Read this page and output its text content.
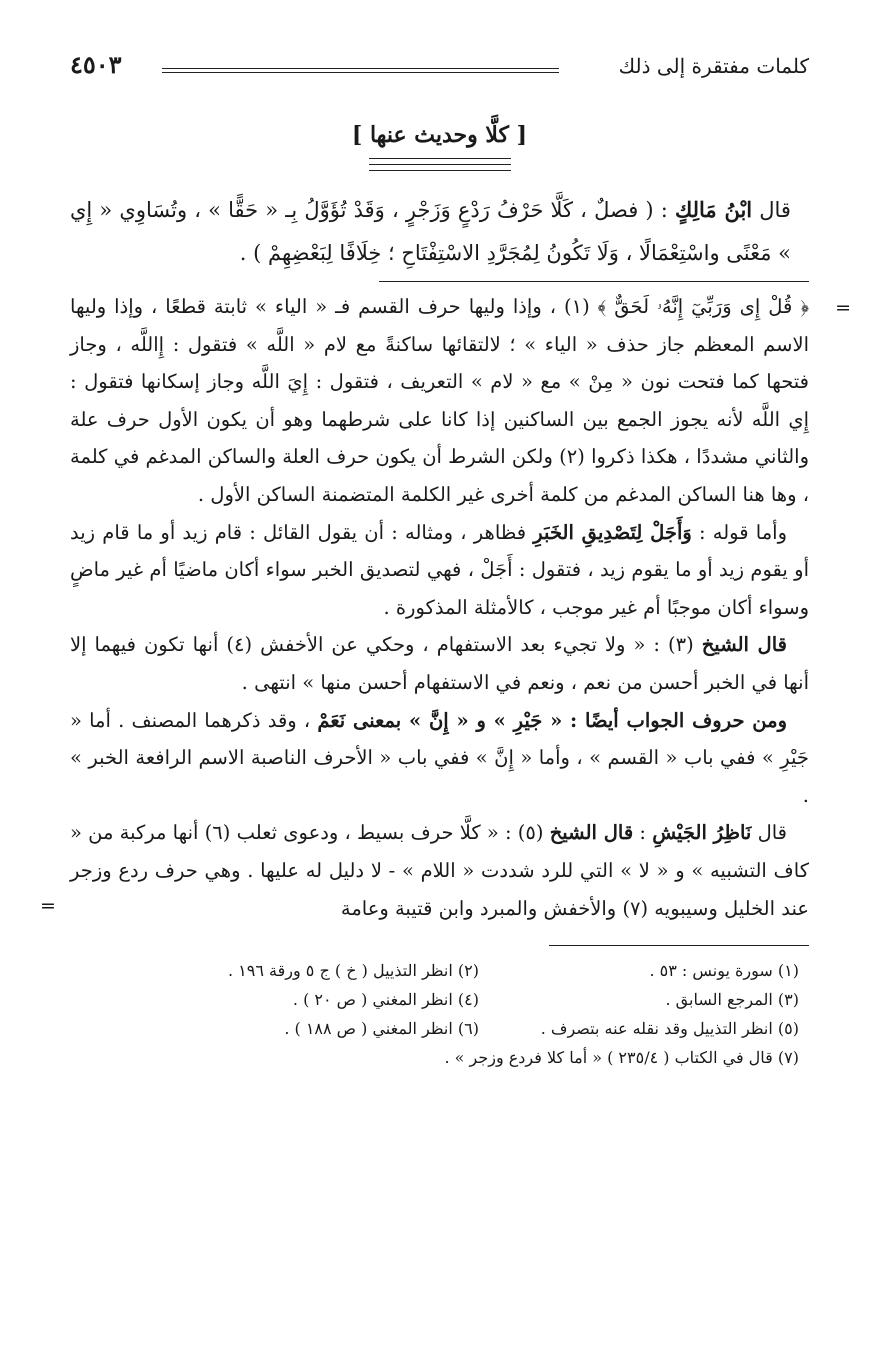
كلمات مفتقرة إلى ذلك
٤٥٠٣
[ كلَّا وحديث عنها ]
قال ابْنُ مَالِكٍ : ( فصلٌ ، كَلَّا حَرْفُ رَدْعٍ وَزَجْرٍ ، وَقَدْ تُؤَوَّلُ بِـ « حَقًّا » ، وتُسَاوِي « إِي » مَعْنًى واسْتِعْمَالًا ، وَلَا تَكُونُ لِمُجَرَّدِ الاسْتِفْتَاحِ ؛ خِلَافًا لِبَعْضِهِمْ ) .
=

﴿ قُلْ إِى وَرَبِّيٓ إِنَّهُۥ لَحَقٌّ ﴾ (١) ، وإذا وليها حرف القسم فـ « الياء » ثابتة قطعًا ، وإذا وليها الاسم المعظم جاز حذف « الياء » ؛ لالتقائها ساكنةً مع لام « اللَّه » فتقول : إِاللَّه ، وجاز فتحها كما فتحت نون « مِنْ » مع « لام » التعريف ، فتقول : إِيَ اللَّه وجاز إسكانها فتقول : إِي اللَّه لأنه يجوز الجمع بين الساكنين إذا كانا على شرطهما وهو أن يكون الأول حرف علة والثاني مشددًا ، هكذا ذكروا (٢) ولكن الشرط أن يكون حرف العلة والساكن المدغم في كلمة ، وها هنا الساكن المدغم من كلمة أخرى غير الكلمة المتضمنة الساكن الأول .

وأما قوله : وَأَجَلْ لِتَصْدِيقِ الخَبَرِ فظاهر ، ومثاله : أن يقول القائل : قام زيد أو ما قام زيد أو يقوم زيد أو ما يقوم زيد ، فتقول : أَجَلْ ، فهي لتصديق الخبر سواء أكان ماضيًا أم غير ماضٍ وسواء أكان موجبًا أم غير موجب ، كالأمثلة المذكورة .

قال الشيخ (٣) : « ولا تجيء بعد الاستفهام ، وحكي عن الأخفش (٤) أنها تكون فيهما إلا أنها في الخبر أحسن من نعم ، ونعم في الاستفهام أحسن منها » انتهى .

ومن حروف الجواب أيضًا : « جَيْرِ » و « إِنَّ » بمعنى نَعَمْ ، وقد ذكرهما المصنف . أما « جَيْرِ » ففي باب « القسم » ، وأما « إِنَّ » ففي باب « الأحرف الناصبة الاسم الرافعة الخبر » .

قال نَاظِرُ الجَيْشِ : قال الشيخ (٥) : « كلَّا حرف بسيط ، ودعوى ثعلب (٦) أنها مركبة من « كاف التشبيه » و « لا » التي للرد شددت « اللام » - لا دليل له عليها . وهي حرف ردع وزجر عند الخليل وسيبويه (٧) والأخفش والمبرد وابن قتيبة وعامة

=
(١) سورة يونس : ٥٣ .
(٢) انظر التذييل ( خ ) ج ٥ ورقة ١٩٦ .
(٣) المرجع السابق .
(٤) انظر المغني ( ص ٢٠ ) .
(٥) انظر التذييل وقد نقله عنه بتصرف .
(٦) انظر المغني ( ص ١٨٨ ) .
(٧) قال في الكتاب ( ٢٣٥/٤ ) « أما كلا فردع وزجر » .
